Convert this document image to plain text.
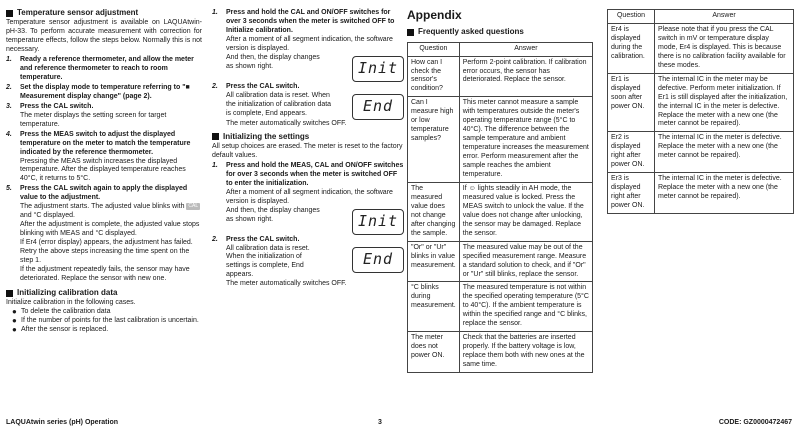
Temperature sensor adjustment

Temperature sensor adjustment is available on LAQUAtwin-pH-33. To perform accurate measurement with correction for temperature effects, follow the steps below. Normally this is not necessary.

1.	Ready a reference thermometer, and allow the meter and reference thermometer to reach to room temperature.
2.	Set the display mode to temperature referring to "■ Measurement display change" (page 2).
3.	Press the CAL switch.
The meter displays the setting screen for target temperature.
4.	Press the MEAS switch to adjust the displayed temperature on the meter to match the temperature indicated by the reference thermometer.
Pressing the MEAS switch increases the displayed temperature. After the displayed temperature reaches 40°C, it returns to 5°C.
5.	Press the CAL switch again to apply the displayed value to the adjustment.
The adjustment starts. The adjusted value blinks with CAL and °C displayed.
After the adjustment is complete, the adjusted value stops blinking with MEAS and °C displayed.
If Er4 (error display) appears, the adjustment has failed. Retry the above steps increasing the time spent on the step 1.
If the adjustment repeatedly fails, the sensor may have deteriorated. Replace the sensor with new one.
Initializing calibration data

Initialize calibration in the following cases.

● To delete the calibration data
● If the number of points for the last calibration is uncertain.
● After the sensor is replaced.
1.	Press and hold the CAL and ON/OFF switches for over 3 seconds when the meter is switched OFF to Initialize calibration.
After a moment of all segment indication, the software version is displayed.
And then, the display changes as shown right.	Init
2.	Press the CAL switch.
All calibration data is reset. When the initialization of calibration data is complete, End appears.	End
The meter automatically switches OFF.
Initializing the settings

All setup choices are erased. The meter is reset to the factory default values.

1.	Press and hold the MEAS, CAL and ON/OFF switches for over 3 seconds when the meter is switched OFF to enter the initialization.
After a moment of all segment indication, the software version is displayed.
And then, the display changes as shown right.	Init
2.	Press the CAL switch.
All calibration data is reset. When the initialization of settings is complete, End appears.
End
The meter automatically switches OFF.
Appendix
Frequently asked questions
Question	Answer
How can I check the sensor's condition?	Perform 2-point calibration. If calibration error occurs, the sensor has deteriorated. Replace the sensor.
Can I measure high or low temperature samples?	This meter cannot measure a sample with temperatures outside the meter's operating temperature range (5°C to 40°C). The difference between the sample temperature and ambient temperature increases the measurement error. Perform measurement after the sample reaches the ambient temperature.
The measured value does not change after changing the sample.	If ☺ lights steadily in AH mode, the measured value is locked. Press the MEAS switch to unlock the value. If the value does not change after unlocking, the sensor may be damaged. Replace the sensor.
"Or" or "Ur" blinks in value measurement.	The measured value may be out of the specified measurement range. Measure a standard solution to check, and if "Or" or "Ur" still blinks, replace the sensor.
°C blinks during measurement.	The measured temperature is not within the specified operating temperature (5°C to 40°C). If the ambient temperature is within the specified range and °C blinks, replace the sensor.
The meter does not power ON.	Check that the batteries are inserted properly. If the battery voltage is low, replace them both with new ones at the same time.
Question	Answer
Er4 is displayed during the calibration.	Please note that if you press the CAL switch in mV or temperature display mode, Er4 is displayed. This is because there is no calibration facility available for these modes.
Er1 is displayed soon after power ON.	The internal IC in the meter may be defective. Perform meter initialization. If Er1 is still displayed after the initialization, the internal IC in the meter is defective. Replace the meter with a new one (the meter cannot be repaired).
Er2 is displayed right after power ON.	The internal IC in the meter is defective. Replace the meter with a new one (the meter cannot be repaired).
Er3 is displayed right after power ON.	The internal IC in the meter is defective. Replace the meter with a new one (the meter cannot be repaired).
LAQUAtwin series (pH) Operation	3	CODE: GZ0000472467
